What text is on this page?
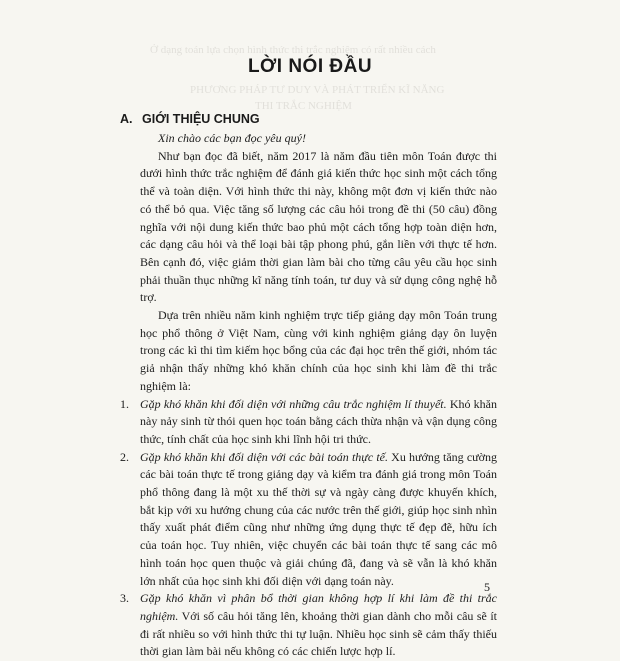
Ở dạng toán lựa chọn hình thức thi trắc nghiệm có rất nhiều cách
PHƯƠNG PHÁP TƯ DUY VÀ PHÁT TRIỂN KĨ NĂNG
THI TRẮC NGHIỆM
LỜI NÓI ĐẦU
A. GIỚI THIỆU CHUNG

Xin chào các bạn đọc yêu quý!

Như bạn đọc đã biết, năm 2017 là năm đầu tiên môn Toán được thi dưới hình thức trắc nghiệm để đánh giá kiến thức học sinh một cách tổng thể và toàn diện. Với hình thức thi này, không một đơn vị kiến thức nào có thể bỏ qua. Việc tăng số lượng các câu hỏi trong đề thi (50 câu) đồng nghĩa với nội dung kiến thức bao phủ một cách tổng hợp toàn diện hơn, các dạng câu hỏi và thể loại bài tập phong phú, gắn liền với thực tế hơn. Bên cạnh đó, việc giảm thời gian làm bài cho từng câu yêu cầu học sinh phải thuần thục những kĩ năng tính toán, tư duy và sử dụng công nghệ hỗ trợ.

Dựa trên nhiều năm kinh nghiệm trực tiếp giảng dạy môn Toán trung học phổ thông ở Việt Nam, cùng với kinh nghiệm giảng dạy ôn luyện trong các kì thi tìm kiếm học bổng của các đại học trên thế giới, nhóm tác giả nhận thấy những khó khăn chính của học sinh khi làm đề thi trắc nghiệm là:

1. Gặp khó khăn khi đối diện với những câu trắc nghiệm lí thuyết. Khó khăn này nảy sinh từ thói quen học toán bằng cách thừa nhận và vận dụng công thức, tính chất của học sinh khi lĩnh hội tri thức.
2. Gặp khó khăn khi đối diện với các bài toán thực tế. Xu hướng tăng cường các bài toán thực tế trong giảng dạy và kiểm tra đánh giá trong môn Toán phổ thông đang là một xu thế thời sự và ngày càng được khuyến khích, bắt kịp với xu hướng chung của các nước trên thế giới, giúp học sinh nhìn thấy xuất phát điểm cũng như những ứng dụng thực tế đẹp đẽ, hữu ích của toán học. Tuy nhiên, việc chuyển các bài toán thực tế sang các mô hình toán học quen thuộc và giải chúng đã, đang và sẽ vẫn là khó khăn lớn nhất của học sinh khi đối diện với dạng toán này.
3. Gặp khó khăn vì phân bổ thời gian không hợp lí khi làm đề thi trắc nghiệm. Với số câu hỏi tăng lên, khoảng thời gian dành cho mỗi câu sẽ ít đi rất nhiều so với hình thức thi tự luận. Nhiều học sinh sẽ cảm thấy thiếu thời gian làm bài nếu không có các chiến lược hợp lí.
5
